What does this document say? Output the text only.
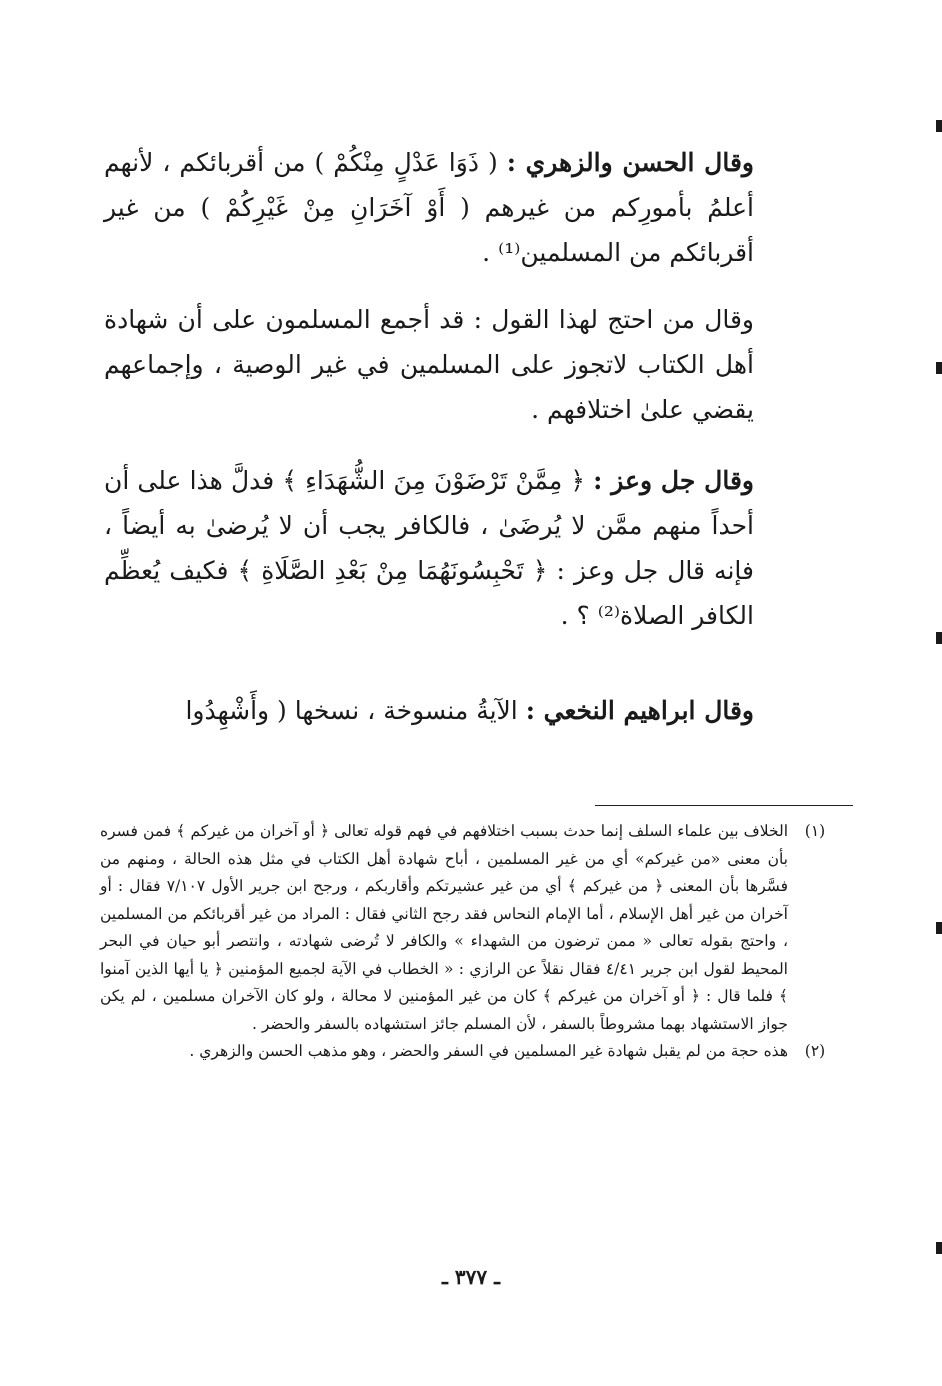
وقال الحسن والزهري : ( ذَوَا عَدْلٍ مِنْكُمْ ) من أقربائكم ، لأنهم أعلمُ بأمورِكم من غيرهم ( أَوْ آخَرَانِ مِنْ غَيْرِكُمْ ) من غير أقربائكم من المسلمين⁽¹⁾ .

وقال من احتج لهذا القول : قد أجمع المسلمون على أن شهادة أهل الكتاب لاتجوز على المسلمين في غير الوصية ، وإجماعهم يقضي علىٰ اختلافهم .

وقال جل وعز : ﴿ مِمَّنْ تَرْضَوْنَ مِنَ الشُّهَدَاءِ ﴾ فدلَّ هذا على أن أحداً منهم ممَّن لا يُرضَىٰ ، فالكافر يجب أن لا يُرضىٰ به أيضاً ، فإنه قال جل وعز : ﴿ تَحْبِسُونَهُمَا مِنْ بَعْدِ الصَّلَاةِ ﴾ فكيف يُعظِّم الكافر الصلاة⁽²⁾ ؟ .

وقال ابراهيم النخعي : الآيةُ منسوخة ، نسخها ( وأَشْهِدُوا

(١)
الخلاف بين علماء السلف إنما حدث بسبب اختلافهم في فهم قوله تعالى ﴿ أو آخران من غيركم ﴾ فمن فسره بأن معنى «من غيركم» أي من غير المسلمين ، أباح شهادة أهل الكتاب في مثل هذه الحالة ، ومنهم من فسَّرها بأن المعنى ﴿ من غيركم ﴾ أي من غير عشيرتكم وأقاربكم ، ورجح ابن جرير الأول ٧/١٠٧ فقال : أو آخران من غير أهل الإسلام ، أما الإمام النحاس فقد رجح الثاني فقال : المراد من غير أقربائكم من المسلمين ، واحتج بقوله تعالى « ممن ترضون من الشهداء » والكافر لا تُرضى شهادته ، وانتصر أبو حيان في البحر المحيط لقول ابن جرير ٤/٤١ فقال نقلاً عن الرازي : « الخطاب في الآية لجميع المؤمنين ﴿ يا أيها الذين آمنوا ﴾ فلما قال : ﴿ أو آخران من غيركم ﴾ كان من غير المؤمنين لا محالة ، ولو كان الآخران مسلمين ، لم يكن جواز الاستشهاد بهما مشروطاً بالسفر ، لأن المسلم جائز استشهاده بالسفر والحضر .
(٢)
هذه حجة من لم يقبل شهادة غير المسلمين في السفر والحضر ، وهو مذهب الحسن والزهري .
ـ ٣٧٧ ـ
